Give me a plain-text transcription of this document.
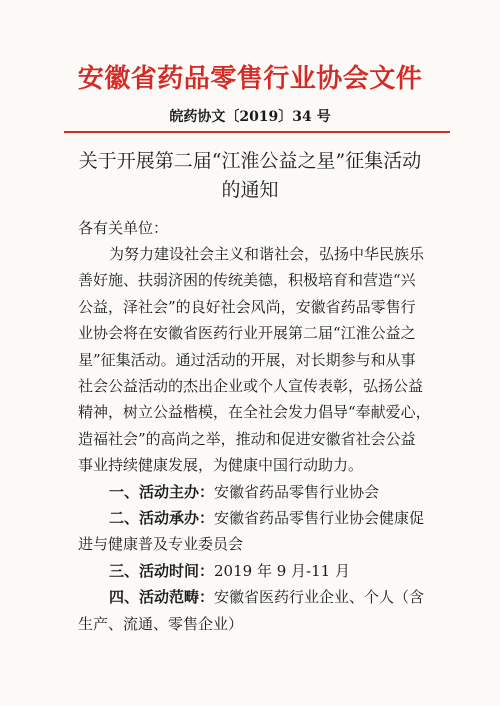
安徽省药品零售行业协会文件
皖药协文〔2019〕34 号
关于开展第二届“江淮公益之星”征集活动
的通知
各有关单位：
为努力建设社会主义和谐社会，弘扬中华民族乐
善好施、扶弱济困的传统美德，积极培育和营造“兴
公益，泽社会”的良好社会风尚，安徽省药品零售行
业协会将在安徽省医药行业开展第二届“江淮公益之
星”征集活动。通过活动的开展，对长期参与和从事
社会公益活动的杰出企业或个人宣传表彰，弘扬公益
精神，树立公益楷模，在全社会发力倡导“奉献爱心，
造福社会”的高尚之举，推动和促进安徽省社会公益
事业持续健康发展，为健康中国行动助力。
一、活动主办：安徽省药品零售行业协会
二、活动承办：安徽省药品零售行业协会健康促
进与健康普及专业委员会
三、活动时间：2019 年 9 月-11 月
四、活动范畴：安徽省医药行业企业、个人（含
生产、流通、零售企业）
